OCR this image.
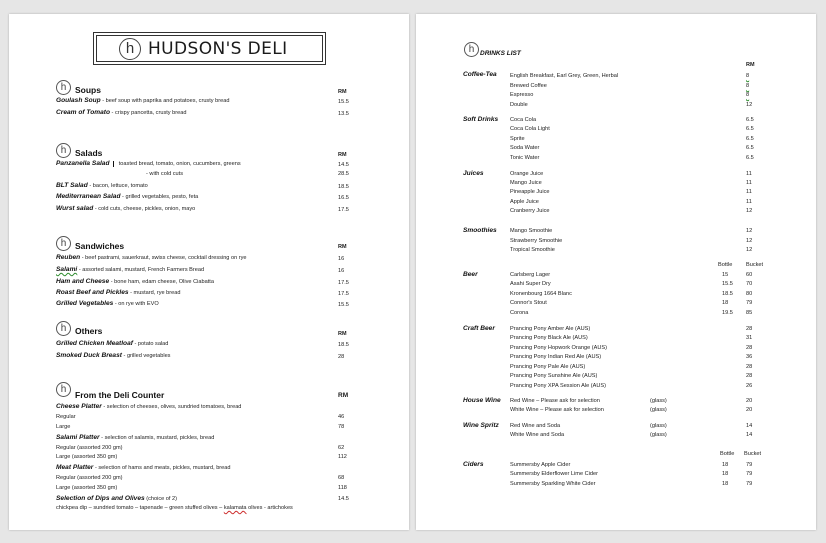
h HUDSON'S DELI
h	Soups	RM
Goulash Soup - beef soup with paprika and potatoes, crusty bread	15.5
Cream of Tomato - crispy pancetta, crusty bread	13.5
h	Salads	RM
Panzanella Salad   toasted bread, tomato, onion, cucumbers, greens	14.5
- with cold cuts	28.5
BLT Salad - bacon, lettuce, tomato	18.5
Mediterranean Salad - grilled vegetables, pesto, feta	16.5
Wurst salad - cold cuts, cheese, pickles, onion, mayo	17.5
h	Sandwiches	RM
Reuben - beef pastrami, sauerkraut, swiss cheese, cocktail dressing on rye	16
Salami - assorted salami, mustard, French Farmers Bread	16
Ham and Cheese - bone ham, edam cheese, Olive Ciabatta	17.5
Roast Beef and Pickles - mustard, rye bread	17.5
Grilled Vegetables - on rye with EVO	15.5
h	Others	RM
Grilled Chicken Meatloaf - potato salad	18.5
Smoked Duck Breast - grilled vegetables	28
h	From the Deli Counter	RM
Cheese Platter - selection of cheeses, olives, sundried tomatoes, bread
Regular	46
Large	78
Salami Platter - selection of salamis, mustard, pickles, bread
Regular (assorted 200 gm)	62
Large (assorted 350 gm)	112
Meat Platter - selection of hams and meats, pickles, mustard, bread
Regular (assorted 200 gm)	68
Large (assorted 350 gm)	118
Selection of Dips and Olives (choice of 2)	14.5
chickpea dip – sundried tomato – tapenade – green stuffed olives – kalamata olives - artichokes
h DRINKS LIST
RM
Coffee-Tea English Breakfast, Earl Grey, Green, Herbal	8
Brewed Coffee	8
Espresso	8
Double	12
Soft Drinks Coca Cola	6.5
Coca Cola Light	6.5
Sprite	6.5
Soda Water	6.5
Tonic Water	6.5
Juices	Orange Juice	11
Mango Juice	11
Pineapple Juice	11
Apple Juice	11
Cranberry Juice	12
Smoothies Mango Smoothie	12
Strawberry Smoothie	12
Tropical Smoothie	12
Bottle Bucket
Beer	Carlsberg Lager	15	60
Asahi Super Dry	15.5 70
Kronenbourg 1664 Blanc	18.5 80
Connor's Stout	18	79
Corona	19.5 85
Craft Beer	Prancing Pony Amber Ale (AUS)	28
Prancing Pony Black Ale (AUS)	31
Prancing Pony Hopwork Orange (AUS)	28
Prancing Pony Indian Red Ale (AUS)	36
Prancing Pony Pale Ale (AUS)	28
Prancing Pony Sunshine Ale (AUS)	28
Prancing Pony XPA Session Ale (AUS)	26
House Wine Red Wine – Please ask for selection	(glass)	20
White Wine – Please ask for selection	(glass)	20
Wine Spritz Red Wine and Soda	(glass)	14
White Wine and Soda	(glass)	14
Bottle Bucket
Ciders	Summersby Apple Cider	18	79
Summersby Elderflower Lime Cider	18	79
Summersby Sparkling White Cider	18	79
